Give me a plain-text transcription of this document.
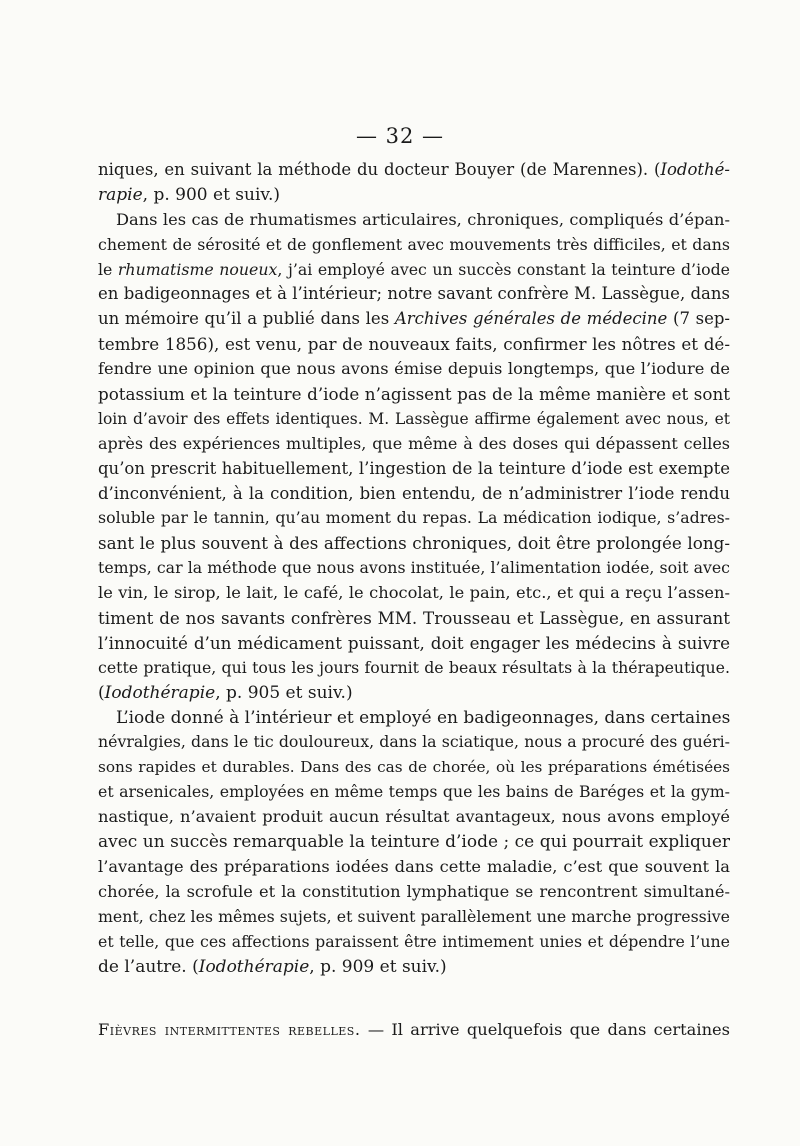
— 32 —
niques, en suivant la méthode du docteur Bouyer (de Marennes). (Iodothé-
rapie, p. 900 et suiv.)
Dans les cas de rhumatismes articulaires, chroniques, compliqués d’épan-
chement de sérosité et de gonflement avec mouvements très difficiles, et dans
le rhumatisme noueux, j’ai employé avec un succès constant la teinture d’iode
en badigeonnages et à l’intérieur; notre savant confrère M. Lassègue, dans
un mémoire qu’il a publié dans les Archives générales de médecine (7 sep-
tembre 1856), est venu, par de nouveaux faits, confirmer les nôtres et dé-
fendre une opinion que nous avons émise depuis longtemps, que l’iodure de
potassium et la teinture d’iode n’agissent pas de la même manière et sont
loin d’avoir des effets identiques. M. Lassègue affirme également avec nous, et
après des expériences multiples, que même à des doses qui dépassent celles
qu’on prescrit habituellement, l’ingestion de la teinture d’iode est exempte
d’inconvénient, à la condition, bien entendu, de n’administrer l’iode rendu
soluble par le tannin, qu’au moment du repas. La médication iodique, s’adres-
sant le plus souvent à des affections chroniques, doit être prolongée long-
temps, car la méthode que nous avons instituée, l’alimentation iodée, soit avec
le vin, le sirop, le lait, le café, le chocolat, le pain, etc., et qui a reçu l’assen-
timent de nos savants confrères MM. Trousseau et Lassègue, en assurant
l’innocuité d’un médicament puissant, doit engager les médecins à suivre
cette pratique, qui tous les jours fournit de beaux résultats à la thérapeutique.
(Iodothérapie, p. 905 et suiv.)
L’iode donné à l’intérieur et employé en badigeonnages, dans certaines
névralgies, dans le tic douloureux, dans la sciatique, nous a procuré des guéri-
sons rapides et durables. Dans des cas de chorée, où les préparations émétisées
et arsenicales, employées en même temps que les bains de Baréges et la gym-
nastique, n’avaient produit aucun résultat avantageux, nous avons employé
avec un succès remarquable la teinture d’iode ; ce qui pourrait expliquer
l’avantage des préparations iodées dans cette maladie, c’est que souvent la
chorée, la scrofule et la constitution lymphatique se rencontrent simultané-
ment, chez les mêmes sujets, et suivent parallèlement une marche progressive
et telle, que ces affections paraissent être intimement unies et dépendre l’une
de l’autre. (Iodothérapie, p. 909 et suiv.)
Fièvres intermittentes rebelles. — Il arrive quelquefois que dans certaines
